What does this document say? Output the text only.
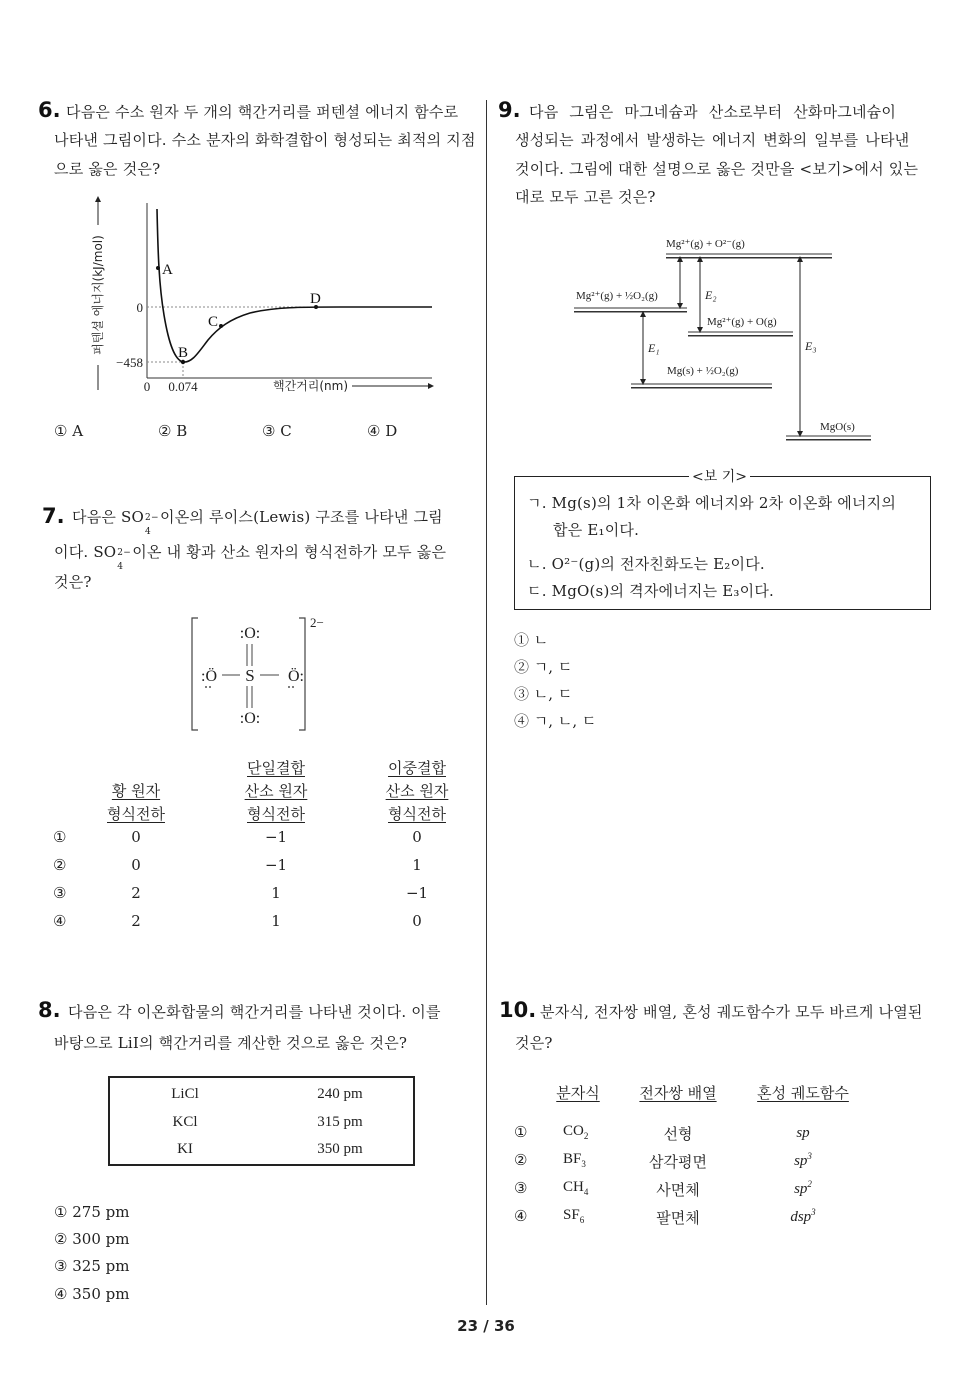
6. 다음은 수소 원자 두 개의 핵간거리를 퍼텐셜 에너지 함수로
나타낸 그림이다. 수소 분자의 화학결합이 형성되는 최적의 지점
으로 옳은 것은?
퍼텐셜 에너지(kJ/mol)	A
B
C
D
0
−458
0 0.074	핵간거리(nm)
① A	② B	③ C	④ D
7. 다음은 SO 2−
4
이온의 루이스(Lewis) 구조를 나타낸 그림
이다. SO 2−
4
이온 내 황과 산소 원자의 형식전하가 모두 옳은
것은?
2−
:O:
S
:Ö	Ö:
:O:
황 원자
형식전하
단일결합
산소 원자
형식전하
이중결합
산소 원자
형식전하
①	0	−1	0
②	0	−1	1
③	2	1	−1
④	2	1	0
8. 다음은 각 이온화합물의 핵간거리를 나타낸 것이다. 이를
바탕으로 LiI의 핵간거리를 계산한 것으로 옳은 것은?
LiCl	240 pm
KCl	315 pm
KI	350 pm
① 275 pm
② 300 pm
③ 325 pm
④ 350 pm
9. 다음 그림은 마그네슘과 산소로부터 산화마그네슘이
생성되는 과정에서 발생하는 에너지 변화의 일부를 나타낸
것이다. 그림에 대한 설명으로 옳은 것만을 <보기>에서 있는
대로 모두 고른 것은?
Mg²⁺(g) + O²⁻(g)
Mg²⁺(g) + ½O₂(g)
Mg²⁺(g) + O(g)
Mg(s) + ½O₂(g)
MgO(s)
E₂
E₁	E₃
<보 기>
ㄱ. Mg(s)의 1차 이온화 에너지와 2차 이온화 에너지의
합은 E₁이다.
ㄴ. O²⁻(g)의 전자친화도는 E₂이다.
ㄷ. MgO(s)의 격자에너지는 E₃이다.
① ㄴ
② ㄱ, ㄷ
③ ㄴ, ㄷ
④ ㄱ, ㄴ, ㄷ
10. 분자식, 전자쌍 배열, 혼성 궤도함수가 모두 바르게 나열된
것은?
분자식	전자쌍 배열	혼성 궤도함수
① $CO_2$	선형	sp
② $BF_3$	삼각평면	$sp^3$
③ $CH_4$	사면체	$sp^2$
④ $SF_6$	팔면체	dsp$^3$
23 / 36
